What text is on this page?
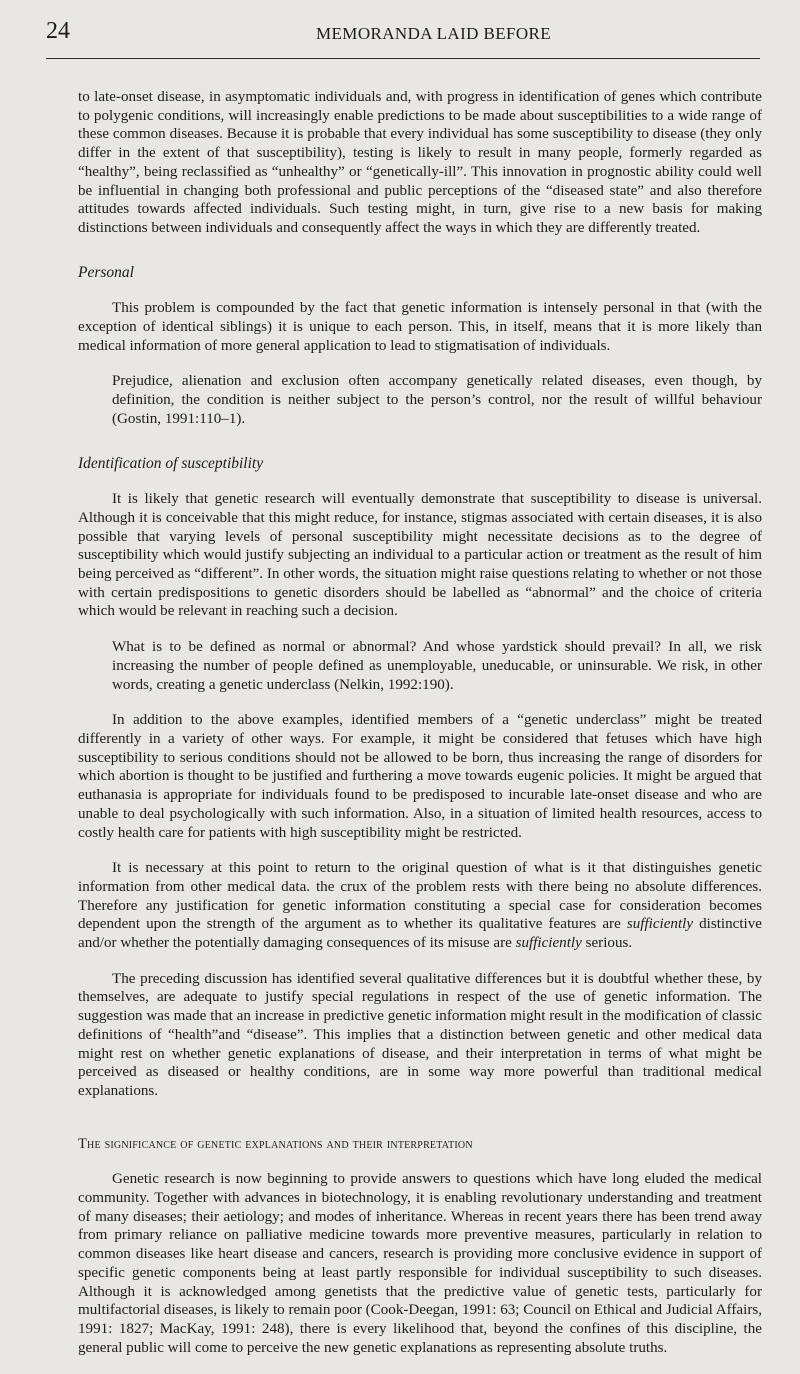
24	MEMORANDA LAID BEFORE

to late-onset disease, in asymptomatic individuals and, with progress in identification of genes which contribute to polygenic conditions, will increasingly enable predictions to be made about susceptibilities to a wide range of these common diseases. Because it is probable that every individual has some susceptibility to disease (they only differ in the extent of that susceptibility), testing is likely to result in many people, formerly regarded as “healthy”, being reclassified as “unhealthy” or “genetically-ill”. This innovation in prognostic ability could well be influential in changing both professional and public perceptions of the “diseased state” and also therefore attitudes towards affected individuals. Such testing might, in turn, give rise to a new basis for making distinctions between individuals and consequently affect the ways in which they are differently treated.

Personal

This problem is compounded by the fact that genetic information is intensely personal in that (with the exception of identical siblings) it is unique to each person. This, in itself, means that it is more likely than medical information of more general application to lead to stigmatisation of individuals.

Prejudice, alienation and exclusion often accompany genetically related diseases, even though, by definition, the condition is neither subject to the person’s control, nor the result of willful behaviour (Gostin, 1991:110–1).

Identification of susceptibility

It is likely that genetic research will eventually demonstrate that susceptibility to disease is universal. Although it is conceivable that this might reduce, for instance, stigmas associated with certain diseases, it is also possible that varying levels of personal susceptibility might necessitate decisions as to the degree of susceptibility which would justify subjecting an individual to a particular action or treatment as the result of him being perceived as “different”. In other words, the situation might raise questions relating to whether or not those with certain predispositions to genetic disorders should be labelled as “abnormal” and the choice of criteria which would be relevant in reaching such a decision.

What is to be defined as normal or abnormal? And whose yardstick should prevail? In all, we risk increasing the number of people defined as unemployable, uneducable, or uninsurable. We risk, in other words, creating a genetic underclass (Nelkin, 1992:190).

In addition to the above examples, identified members of a “genetic underclass” might be treated differently in a variety of other ways. For example, it might be considered that fetuses which have high susceptibility to serious conditions should not be allowed to be born, thus increasing the range of disorders for which abortion is thought to be justified and furthering a move towards eugenic policies. It might be argued that euthanasia is appropriate for individuals found to be predisposed to incurable late-onset disease and who are unable to deal psychologically with such information. Also, in a situation of limited health resources, access to costly health care for patients with high susceptibility might be restricted.

It is necessary at this point to return to the original question of what is it that distinguishes genetic information from other medical data. the crux of the problem rests with there being no absolute differences. Therefore any justification for genetic information constituting a special case for consideration becomes dependent upon the strength of the argument as to whether its qualitative features are sufficiently distinctive and/or whether the potentially damaging consequences of its misuse are sufficiently serious.

The preceding discussion has identified several qualitative differences but it is doubtful whether these, by themselves, are adequate to justify special regulations in respect of the use of genetic information. The suggestion was made that an increase in predictive genetic information might result in the modification of classic definitions of “health”and “disease”. This implies that a distinction between genetic and other medical data might rest on whether genetic explanations of disease, and their interpretation in terms of what might be perceived as diseased or healthy conditions, are in some way more powerful than traditional medical explanations.

The significance of genetic explanations and their interpretation

Genetic research is now beginning to provide answers to questions which have long eluded the medical community. Together with advances in biotechnology, it is enabling revolutionary understanding and treatment of many diseases; their aetiology; and modes of inheritance. Whereas in recent years there has been trend away from primary reliance on palliative medicine towards more preventive measures, particularly in relation to common diseases like heart disease and cancers, research is providing more conclusive evidence in support of specific genetic components being at least partly responsible for individual susceptibility to such diseases. Although it is acknowledged among genetists that the predictive value of genetic tests, particularly for multifactorial diseases, is likely to remain poor (Cook-Deegan, 1991: 63; Council on Ethical and Judicial Affairs, 1991: 1827; MacKay, 1991: 248), there is every likelihood that, beyond the confines of this discipline, the general public will come to perceive the new genetic explanations as representing absolute truths.
